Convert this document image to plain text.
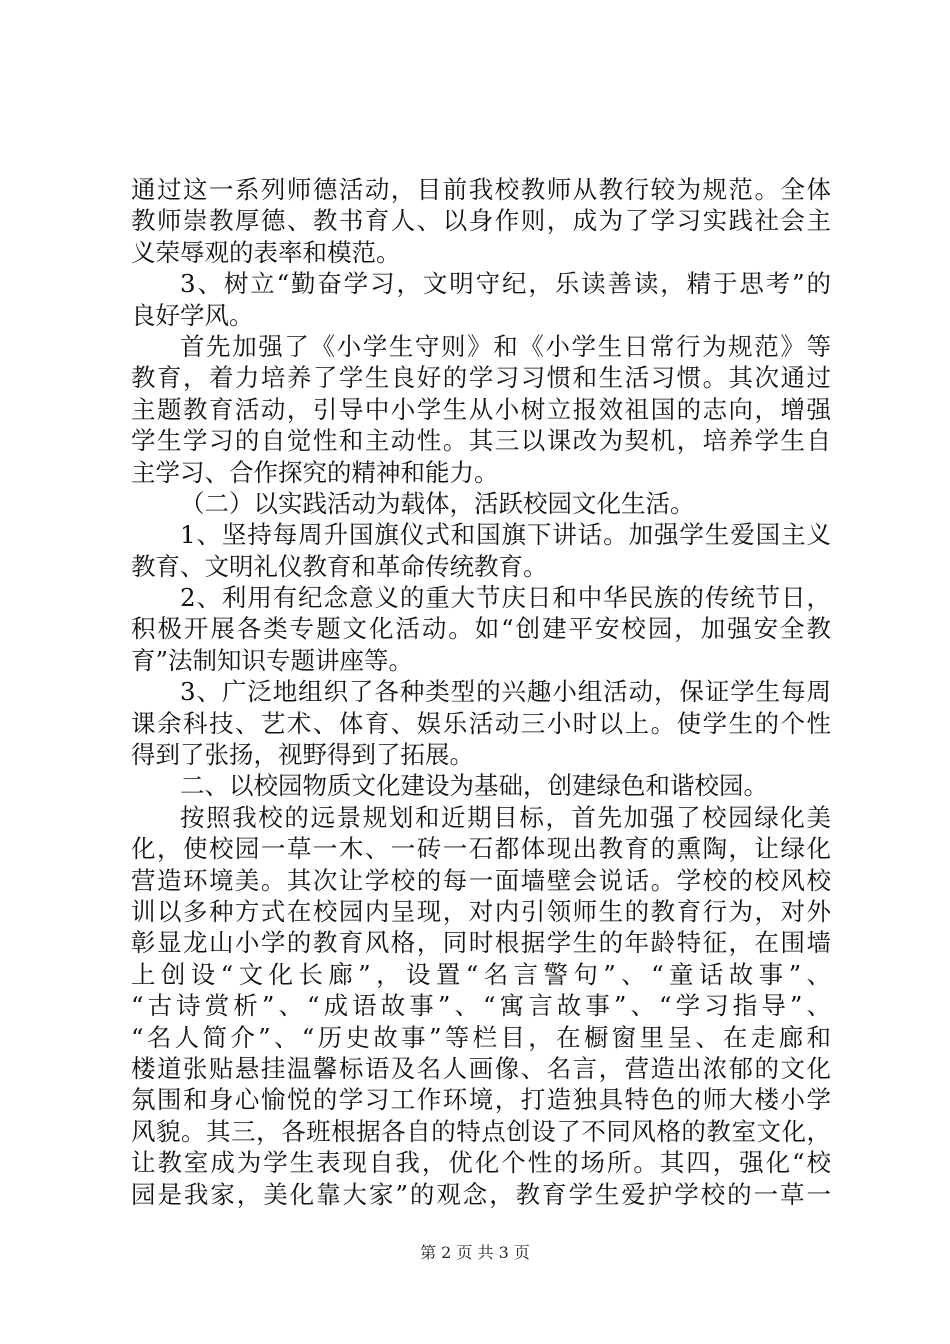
通过这一系列师德活动，目前我校教师从教行较为规范。全体
教师崇教厚德、教书育人、以身作则，成为了学习实践社会主
义荣辱观的表率和模范。
3、树立“勤奋学习，文明守纪，乐读善读，精于思考”的
良好学风。
首先加强了《小学生守则》和《小学生日常行为规范》等
教育，着力培养了学生良好的学习习惯和生活习惯。其次通过
主题教育活动，引导中小学生从小树立报效祖国的志向，增强
学生学习的自觉性和主动性。其三以课改为契机，培养学生自
主学习、合作探究的精神和能力。
（二）以实践活动为载体，活跃校园文化生活。
1、坚持每周升国旗仪式和国旗下讲话。加强学生爱国主义
教育、文明礼仪教育和革命传统教育。
2、利用有纪念意义的重大节庆日和中华民族的传统节日，
积极开展各类专题文化活动。如“创建平安校园，加强安全教
育”法制知识专题讲座等。
3、广泛地组织了各种类型的兴趣小组活动，保证学生每周
课余科技、艺术、体育、娱乐活动三小时以上。使学生的个性
得到了张扬，视野得到了拓展。
二、以校园物质文化建设为基础，创建绿色和谐校园。
按照我校的远景规划和近期目标，首先加强了校园绿化美
化，使校园一草一木、一砖一石都体现出教育的熏陶，让绿化
营造环境美。其次让学校的每一面墙壁会说话。学校的校风校
训以多种方式在校园内呈现，对内引领师生的教育行为，对外
彰显龙山小学的教育风格，同时根据学生的年龄特征，在围墙
上创设“文化长廊”，设置“名言警句”、“童话故事”、
“古诗赏析”、“成语故事”、“寓言故事”、“学习指导”、
“名人简介”、“历史故事”等栏目，在橱窗里呈、在走廊和
楼道张贴悬挂温馨标语及名人画像、名言，营造出浓郁的文化
氛围和身心愉悦的学习工作环境，打造独具特色的师大楼小学
风貌。其三，各班根据各自的特点创设了不同风格的教室文化，
让教室成为学生表现自我，优化个性的场所。其四，强化“校
园是我家，美化靠大家”的观念，教育学生爱护学校的一草一
第 2 页 共 3 页
